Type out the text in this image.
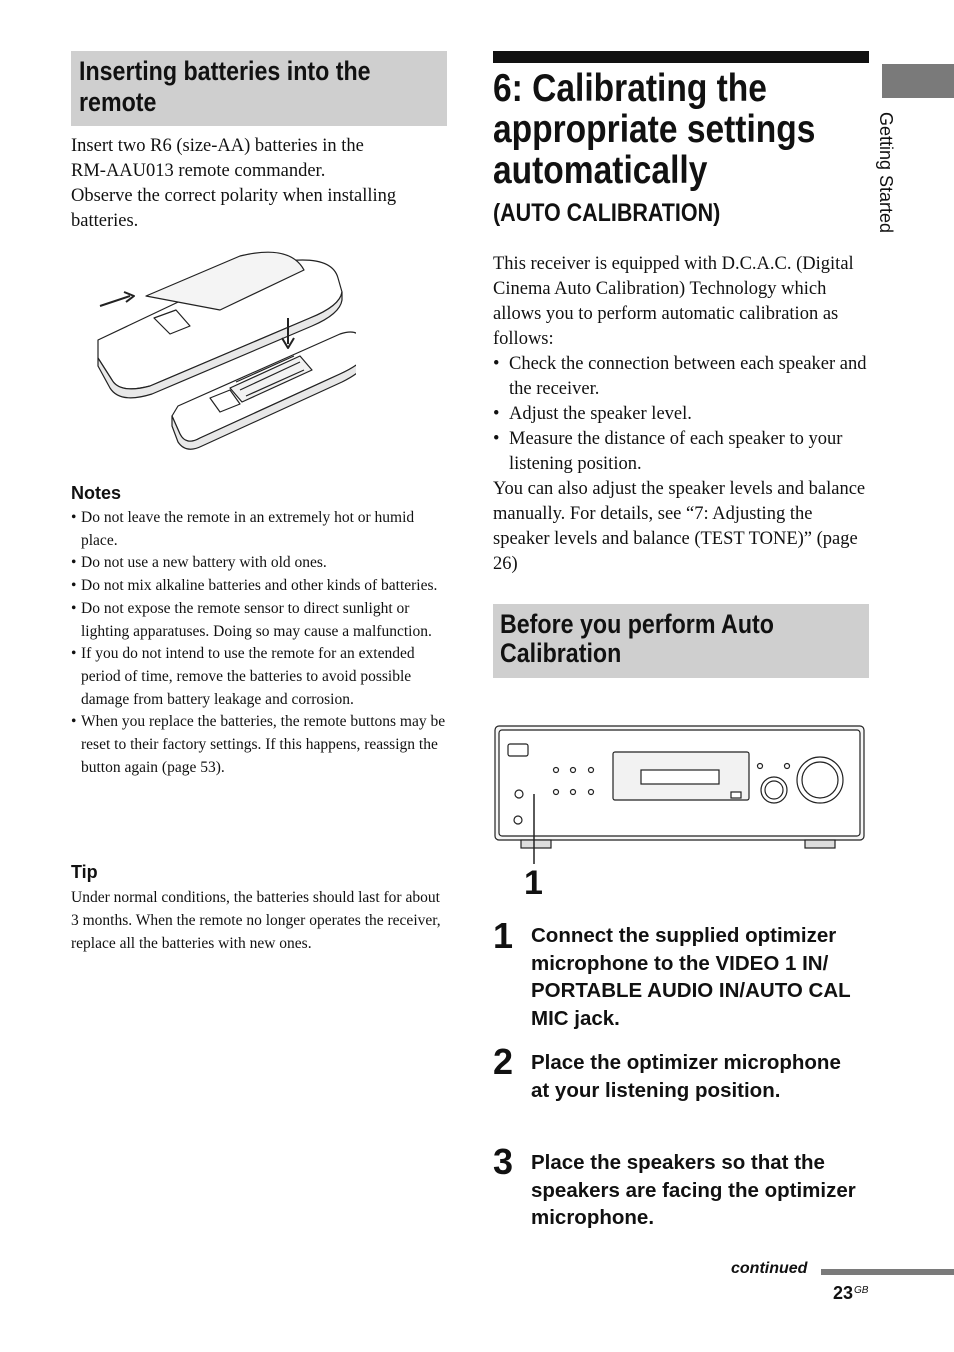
Inserting batteries into the
remote
Insert two R6 (size-AA) batteries in the
RM-AAU013 remote commander.
Observe the correct polarity when installing
batteries.
Notes
• Do not leave the remote in an extremely hot or humid place.
• Do not use a new battery with old ones.
• Do not mix alkaline batteries and other kinds of batteries.
• Do not expose the remote sensor to direct sunlight or lighting apparatuses. Doing so may cause a malfunction.
• If you do not intend to use the remote for an extended period of time, remove the batteries to avoid possible damage from battery leakage and corrosion.
• When you replace the batteries, the remote buttons may be reset to their factory settings. If this happens, reassign the button again (page 53).
Tip
Under normal conditions, the batteries should last for about 3 months. When the remote no longer operates the receiver, replace all the batteries with new ones.
6: Calibrating the
appropriate settings
automatically
(AUTO CALIBRATION)
This receiver is equipped with D.C.A.C. (Digital Cinema Auto Calibration) Technology which allows you to perform automatic calibration as follows:
• Check the connection between each speaker and the receiver.
• Adjust the speaker level.
• Measure the distance of each speaker to your listening position.
You can also adjust the speaker levels and balance manually. For details, see “7: Adjusting the speaker levels and balance (TEST TONE)” (page 26)
Before you perform Auto
Calibration
1
1 Connect the supplied optimizer microphone to the VIDEO 1 IN/ PORTABLE AUDIO IN/AUTO CAL MIC jack.
2 Place the optimizer microphone at your listening position.
3 Place the speakers so that the speakers are facing the optimizer microphone.
Getting Started
continued
$23^{GB}$
